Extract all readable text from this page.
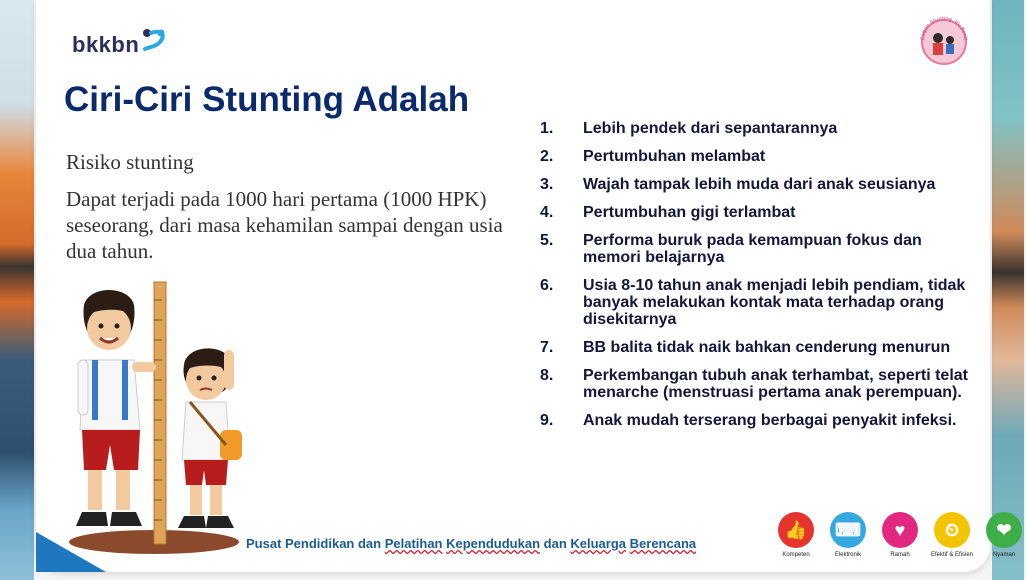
bkkbn	Cegah Stunting, Itu Penti
Ciri-Ciri Stunting Adalah
Risiko stunting
Dapat terjadi pada 1000 hari pertama (1000 HPK) seseorang, dari masa kehamilan sampai dengan usia dua tahun.
1.	Lebih pendek dari sepantarannya
2.	Pertumbuhan melambat
3.	Wajah tampak lebih muda dari anak seusianya
4.	Pertumbuhan gigi terlambat
5.	Performa buruk pada kemampuan fokus dan memori belajarnya
6.	Usia 8-10 tahun anak menjadi lebih pendiam, tidak banyak melakukan kontak mata terhadap orang disekitarnya
7.	BB balita tidak naik bahkan cenderung menurun
8.	Perkembangan tubuh anak terhambat, seperti telat menarche (menstruasi pertama anak perempuan).
9.	Anak mudah terserang berbagai penyakit infeksi.
Pusat Pendidikan dan Pelatihan Kependudukan dan Keluarga Berencana
👍
Kompeten
⌨
Elektronik
♥
Ramah
⏲
Efektif & Efisien
❤
Nyaman
